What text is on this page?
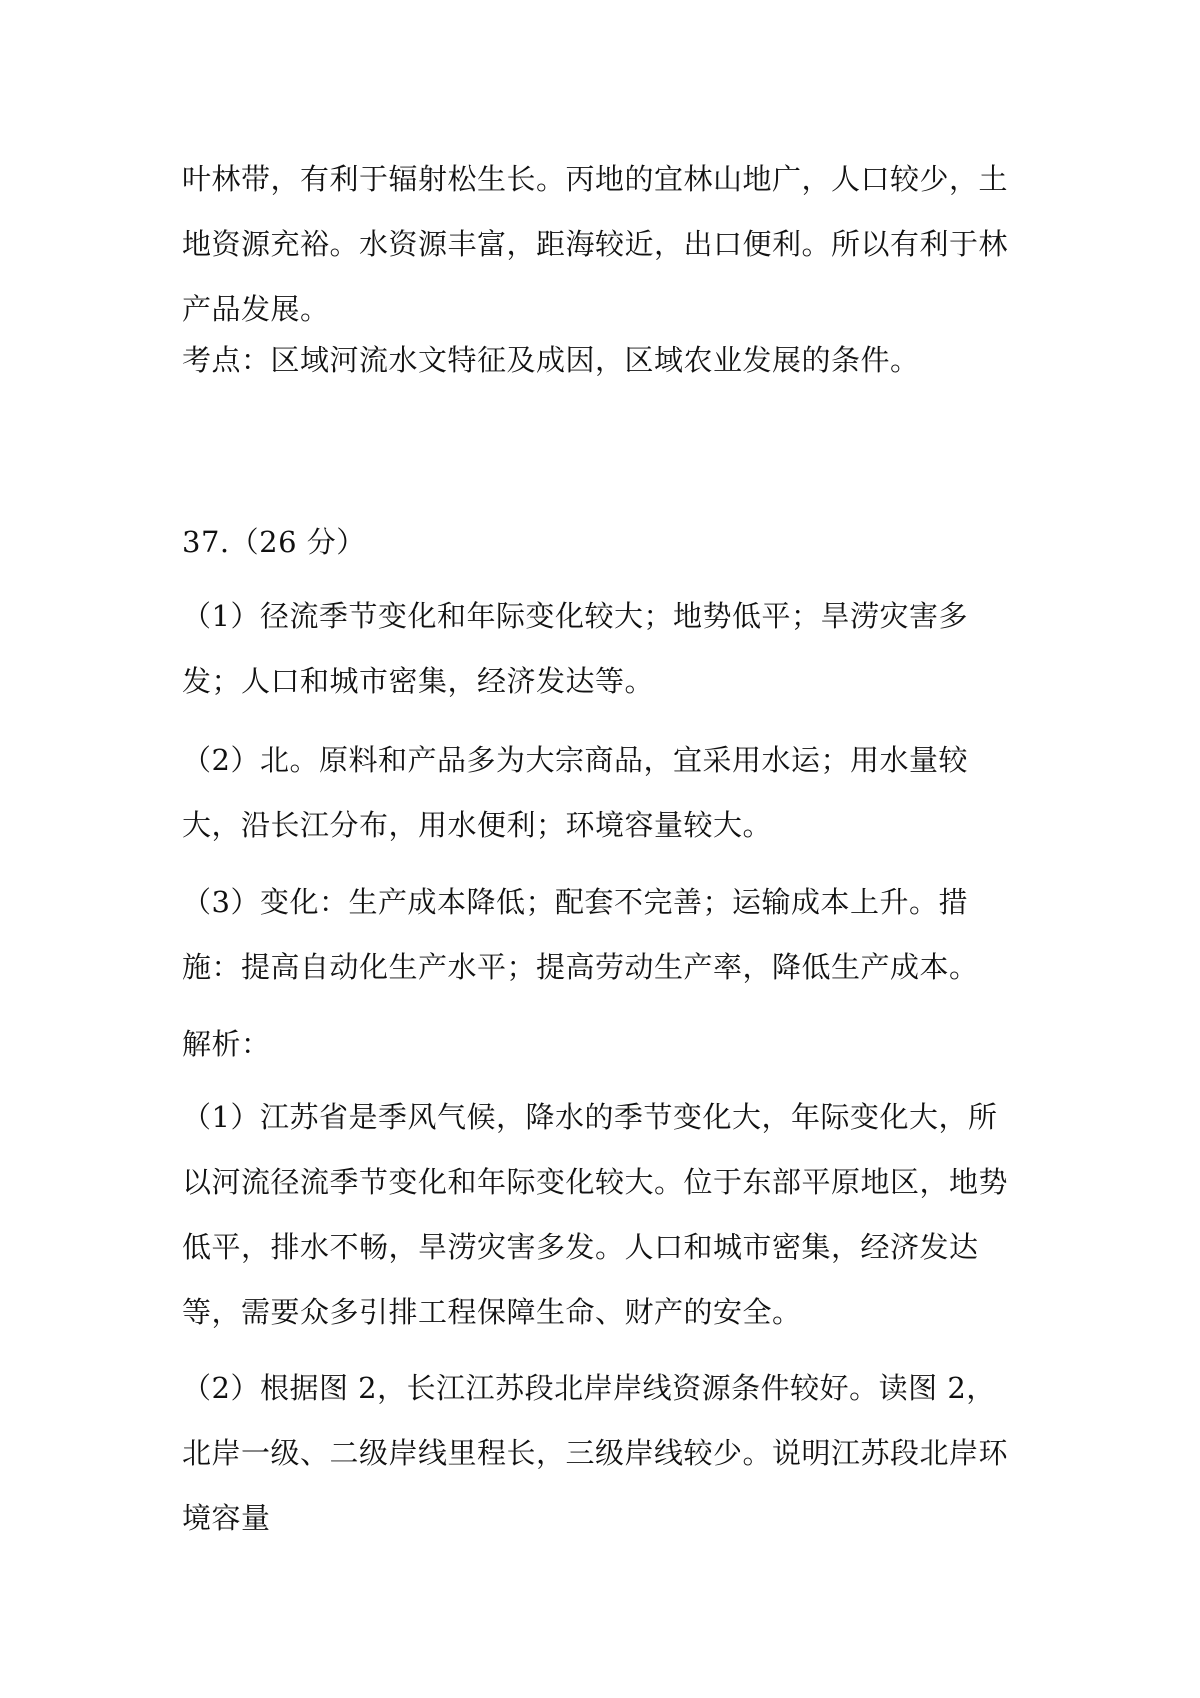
叶林带，有利于辐射松生长。丙地的宜林山地广，人口较少，土地资源充裕。水资源丰富，距海较近，出口便利。所以有利于林产品发展。

考点：区域河流水文特征及成因，区域农业发展的条件。

37.（26 分）

（1）径流季节变化和年际变化较大；地势低平；旱涝灾害多发；人口和城市密集，经济发达等。

（2）北。原料和产品多为大宗商品，宜采用水运；用水量较大，沿长江分布，用水便利；环境容量较大。

（3）变化：生产成本降低；配套不完善；运输成本上升。措施：提高自动化生产水平；提高劳动生产率，降低生产成本。

解析：

（1）江苏省是季风气候，降水的季节变化大，年际变化大，所以河流径流季节变化和年际变化较大。位于东部平原地区，地势低平，排水不畅，旱涝灾害多发。人口和城市密集，经济发达等，需要众多引排工程保障生命、财产的安全。

（2）根据图 2，长江江苏段北岸岸线资源条件较好。读图 2，北岸一级、二级岸线里程长，三级岸线较少。说明江苏段北岸环境容量
